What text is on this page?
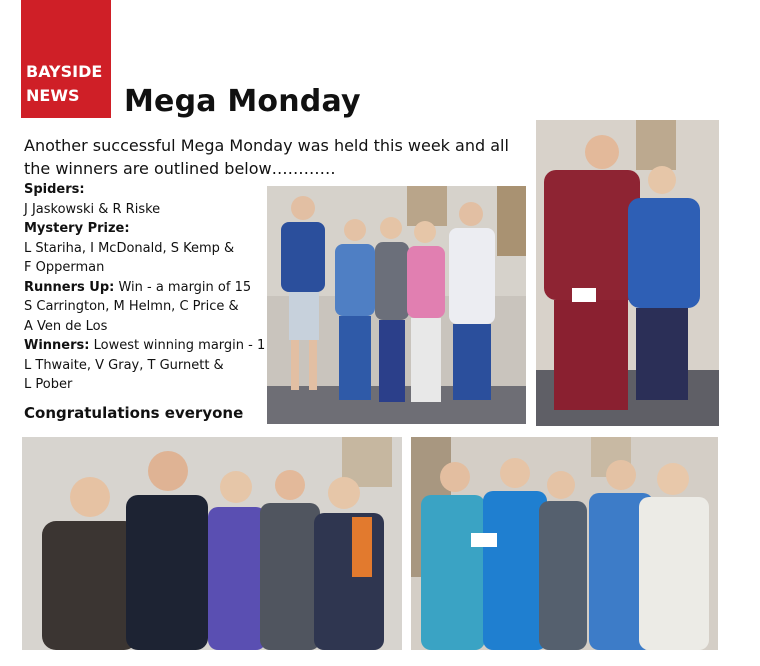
BAYSIDE
NEWS Mega Monday
Another successful Mega Monday was held this week and all the winners are outlined below…………
Spiders:
J Jaskowski & R Riske
Mystery Prize:
L Stariha, I McDonald, S Kemp &
F Opperman
Runners Up: Win - a margin of 15
S Carrington, M Helmn, C Price &
A Ven de Los
Winners: Lowest winning margin - 1
L Thwaite, V Gray, T Gurnett &
L Pober
Congratulations everyone
